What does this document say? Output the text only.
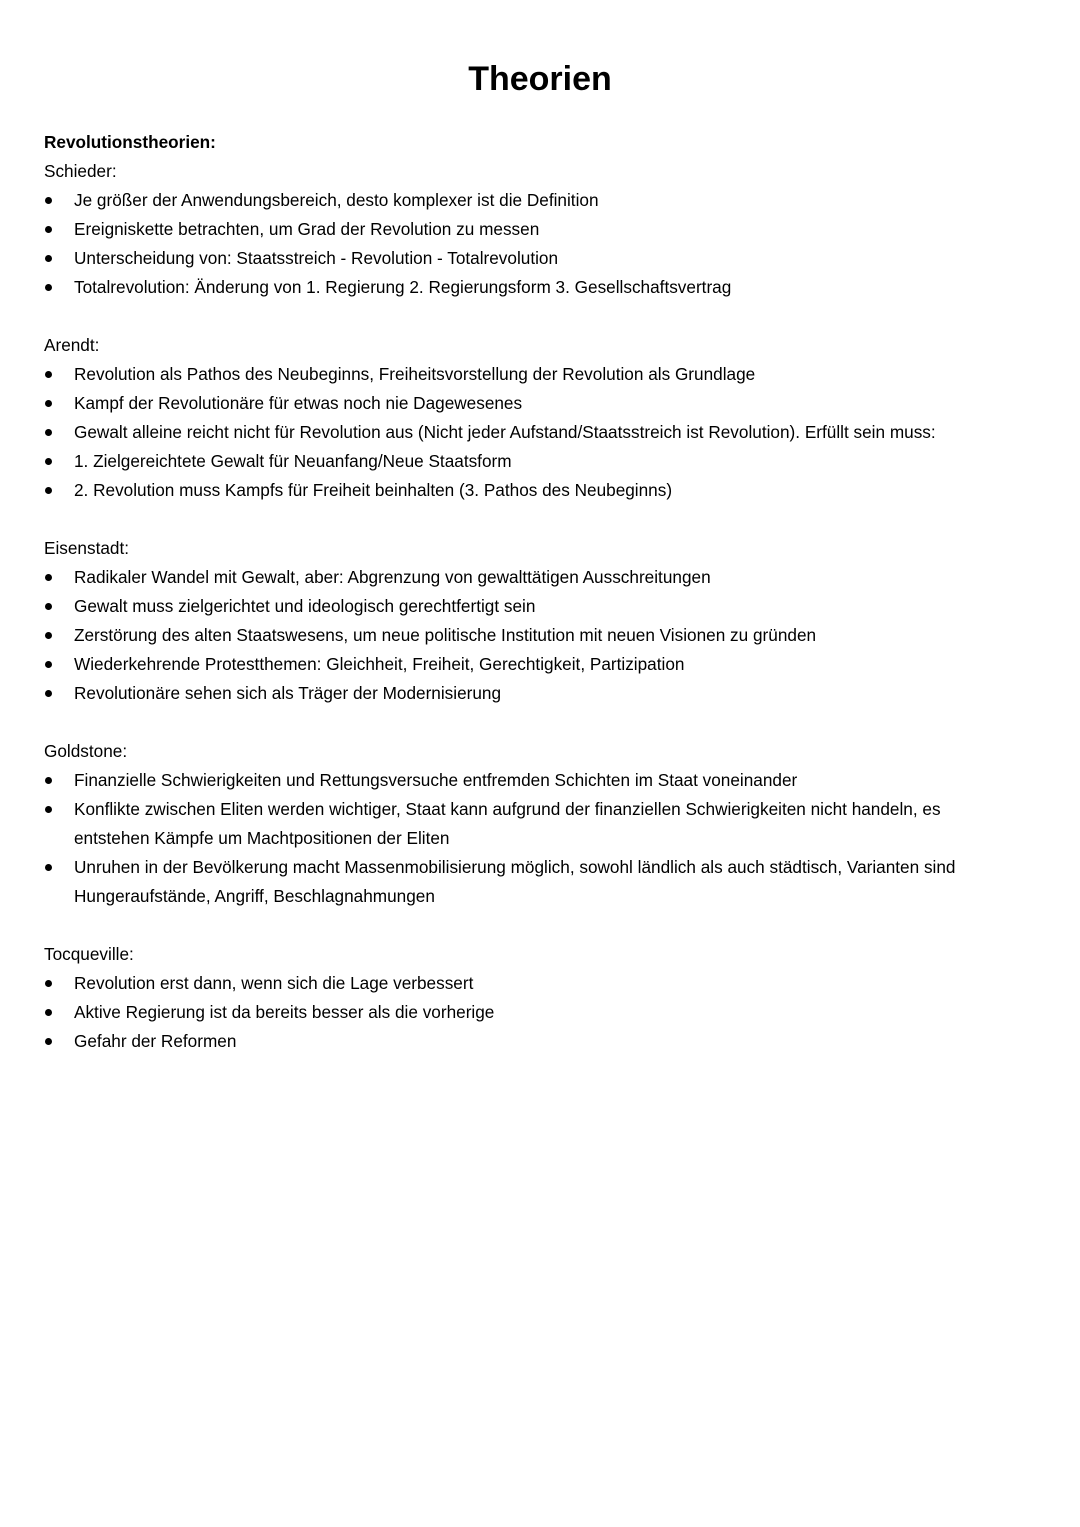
Theorien

Revolutionstheorien:

Schieder:

Je größer der Anwendungsbereich, desto komplexer ist die Definition
Ereigniskette betrachten, um Grad der Revolution zu messen
Unterscheidung von: Staatsstreich - Revolution - Totalrevolution
Totalrevolution: Änderung von 1. Regierung 2. Regierungsform 3. Gesellschaftsvertrag

Arendt:

Revolution als Pathos des Neubeginns, Freiheitsvorstellung der Revolution als Grundlage
Kampf der Revolutionäre für etwas noch nie Dagewesenes
Gewalt alleine reicht nicht für Revolution aus (Nicht jeder Aufstand/Staatsstreich ist Revolution). Erfüllt sein muss:
1. Zielgereichtete Gewalt für Neuanfang/Neue Staatsform
2. Revolution muss Kampfs für Freiheit beinhalten (3. Pathos des Neubeginns)

Eisenstadt:

Radikaler Wandel mit Gewalt, aber: Abgrenzung von gewalttätigen Ausschreitungen
Gewalt muss zielgerichtet und ideologisch gerechtfertigt sein
Zerstörung des alten Staatswesens, um neue politische Institution mit neuen Visionen zu gründen
Wiederkehrende Protestthemen: Gleichheit, Freiheit, Gerechtigkeit, Partizipation
Revolutionäre sehen sich als Träger der Modernisierung

Goldstone:

Finanzielle Schwierigkeiten und Rettungsversuche entfremden Schichten im Staat voneinander
Konflikte zwischen Eliten werden wichtiger, Staat kann aufgrund der finanziellen Schwierigkeiten nicht handeln, es entstehen Kämpfe um Machtpositionen der Eliten
Unruhen in der Bevölkerung macht Massenmobilisierung möglich, sowohl ländlich als auch städtisch, Varianten sind Hungeraufstände, Angriff, Beschlagnahmungen

Tocqueville:

Revolution erst dann, wenn sich die Lage verbessert
Aktive Regierung ist da bereits besser als die vorherige
Gefahr der Reformen
